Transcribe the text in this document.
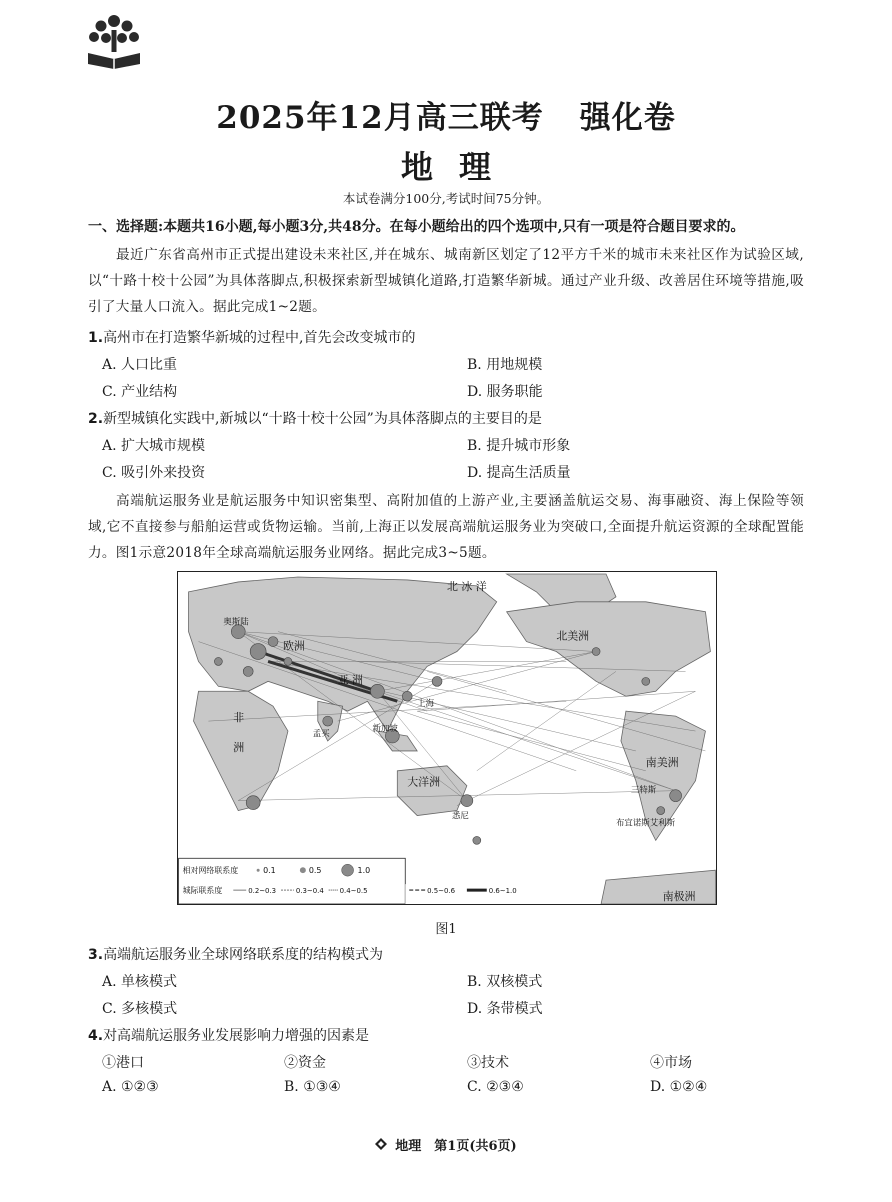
2025年12月高三联考 强化卷
地理
本试卷满分100分,考试时间75分钟。
一、选择题:本题共16小题,每小题3分,共48分。在每小题给出的四个选项中,只有一项是符合题目要求的。
最近广东省高州市正式提出建设未来社区,并在城东、城南新区划定了12平方千米的城市未来社区作为试验区域,以“十路十校十公园”为具体落脚点,积极探索新型城镇化道路,打造繁华新城。通过产业升级、改善居住环境等措施,吸引了大量人口流入。据此完成1~2题。
1.高州市在打造繁华新城的过程中,首先会改变城市的
A. 人口比重	B. 用地规模
C. 产业结构	D. 服务职能
2.新型城镇化实践中,新城以“十路十校十公园”为具体落脚点的主要目的是
A. 扩大城市规模	B. 提升城市形象
C. 吸引外来投资	D. 提高生活质量
高端航运服务业是航运服务中知识密集型、高附加值的上游产业,主要涵盖航运交易、海事融资、海上保险等领域,它不直接参与船舶运营或货物运输。当前,上海正以发展高端航运服务业为突破口,全面提升航运资源的全球配置能力。图1示意2018年全球高端航运服务业网络。据此完成3~5题。
北 冰 洋
北美洲
欧洲
亚 洲
非
洲
大洋洲
南美洲
南极洲
奥斯陆
上海
新加坡
孟买
悉尼
三特斯
布宜诺斯艾利斯
相对网络联系度	0.1	0.5	1.0
城际联系度	0.2~0.3	0.3~0.4 0.4~0.5	0.5~0.6	0.6~1.0
图1
3.高端航运服务业全球网络联系度的结构模式为
A. 单核模式	B. 双核模式
C. 多核模式	D. 条带模式
4.对高端航运服务业发展影响力增强的因素是
①港口	②资金	③技术	④市场
A. ①②③	B. ①③④	C. ②③④	D. ①②④
地理　第1页(共6页)
